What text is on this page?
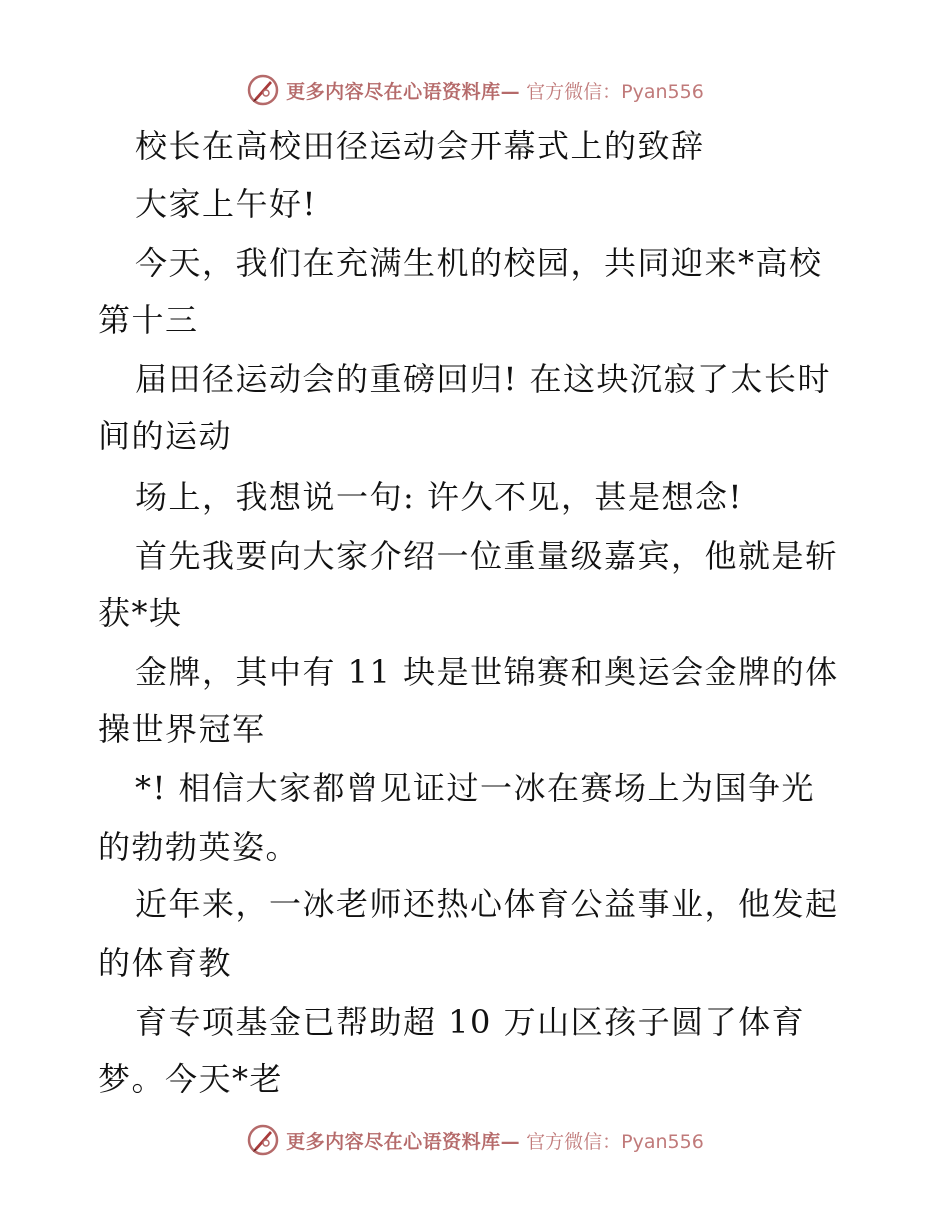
更多内容尽在心语资料库— 官方微信：Pyan556
校长在高校田径运动会开幕式上的致辞
大家上午好!
今天，我们在充满生机的校园，共同迎来*高校
第十三
届田径运动会的重磅回归! 在这块沉寂了太长时
间的运动
场上，我想说一句: 许久不见，甚是想念!
首先我要向大家介绍一位重量级嘉宾，他就是斩
获*块
金牌，其中有 11 块是世锦赛和奥运会金牌的体
操世界冠军
*! 相信大家都曾见证过一冰在赛场上为国争光
的勃勃英姿。
近年来，一冰老师还热心体育公益事业，他发起
的体育教
育专项基金已帮助超 10 万山区孩子圆了体育
梦。今天*老
更多内容尽在心语资料库— 官方微信：Pyan556
